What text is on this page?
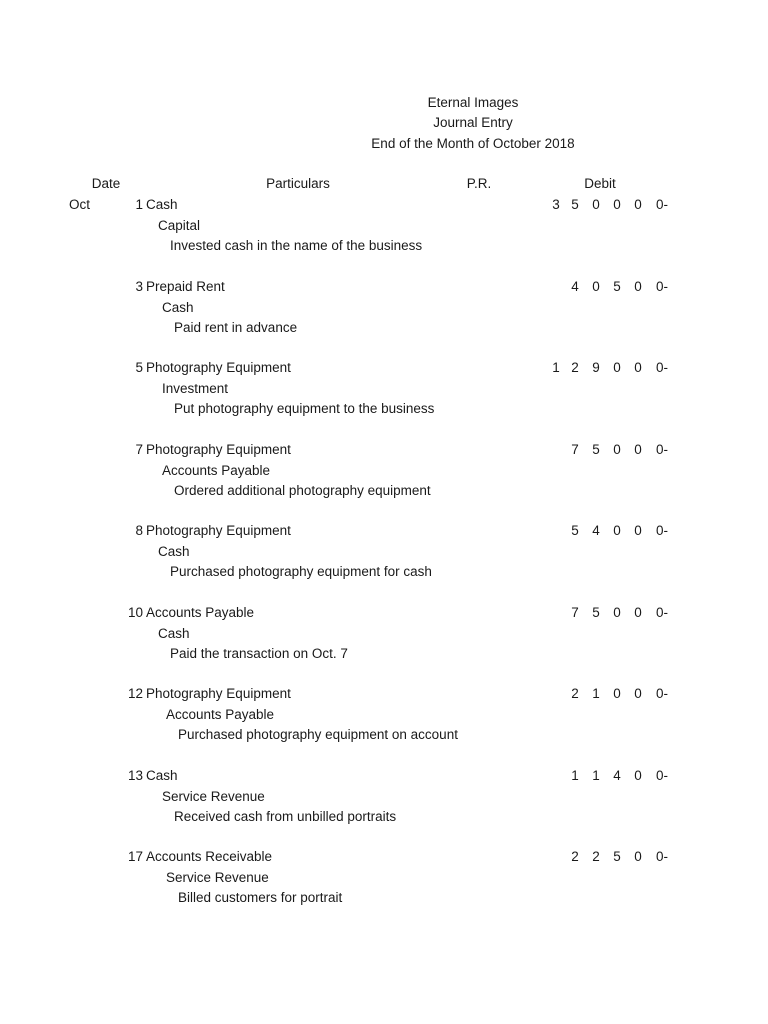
Eternal Images
Journal Entry
End of the Month of October 2018
Date	Particulars	P.R.	Debit
Oct	1 Cash	3 5 0 0 0 0-
Capital
Invested cash in the name of the business
3 Prepaid Rent	4 0 5 0 0-
Cash
Paid rent in advance
5 Photography Equipment	1 2 9 0 0 0-
Investment
Put photography equipment to the business
7 Photography Equipment	7 5 0 0 0-
Accounts Payable
Ordered additional photography equipment
8 Photography Equipment	5 4 0 0 0-
Cash
Purchased photography equipment for cash
10 Accounts Payable	7 5 0 0 0-
Cash
Paid the transaction on Oct. 7
12 Photography Equipment	2 1 0 0 0-
Accounts Payable
Purchased photography equipment on account
13 Cash	1 1 4 0 0-
Service Revenue
Received cash from unbilled portraits
17 Accounts Receivable	2 2 5 0 0-
Service Revenue
Billed customers for portrait
